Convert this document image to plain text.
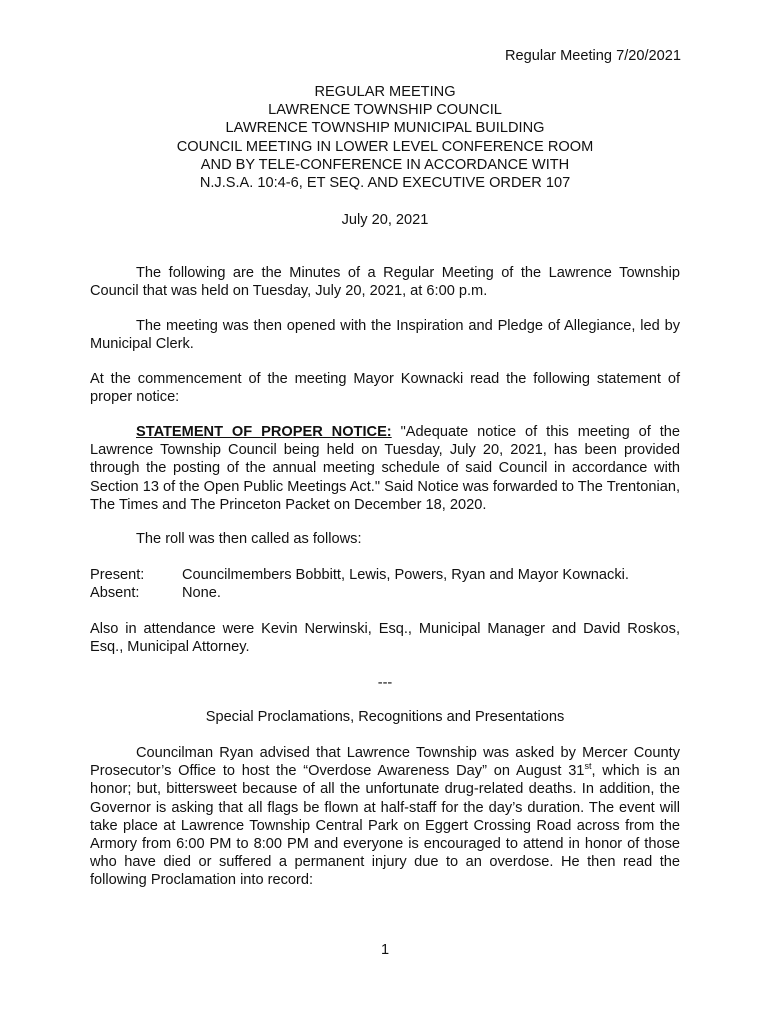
Regular Meeting 7/20/2021
REGULAR MEETING
LAWRENCE TOWNSHIP COUNCIL
LAWRENCE TOWNSHIP MUNICIPAL BUILDING
COUNCIL MEETING IN LOWER LEVEL CONFERENCE ROOM
AND BY TELE-CONFERENCE IN ACCORDANCE WITH
N.J.S.A. 10:4-6, ET SEQ. AND EXECUTIVE ORDER 107
July 20, 2021

The following are the Minutes of a Regular Meeting of the Lawrence Township Council that was held on Tuesday, July 20, 2021, at 6:00 p.m.

The meeting was then opened with the Inspiration and Pledge of Allegiance, led by Municipal Clerk.

At the commencement of the meeting Mayor Kownacki read the following statement of proper notice:

STATEMENT OF PROPER NOTICE: "Adequate notice of this meeting of the Lawrence Township Council being held on Tuesday, July 20, 2021, has been provided through the posting of the annual meeting schedule of said Council in accordance with Section 13 of the Open Public Meetings Act." Said Notice was forwarded to The Trentonian, The Times and The Princeton Packet on December 18, 2020.

The roll was then called as follows:

Present:	Councilmembers Bobbitt, Lewis, Powers, Ryan and Mayor Kownacki.
Absent:	None.

Also in attendance were Kevin Nerwinski, Esq., Municipal Manager and David Roskos, Esq., Municipal Attorney.

---
Special Proclamations, Recognitions and Presentations

Councilman Ryan advised that Lawrence Township was asked by Mercer County Prosecutor’s Office to host the “Overdose Awareness Day” on August 31st, which is an honor; but, bittersweet because of all the unfortunate drug-related deaths. In addition, the Governor is asking that all flags be flown at half-staff for the day’s duration. The event will take place at Lawrence Township Central Park on Eggert Crossing Road across from the Armory from 6:00 PM to 8:00 PM and everyone is encouraged to attend in honor of those who have died or suffered a permanent injury due to an overdose. He then read the following Proclamation into record:

1
